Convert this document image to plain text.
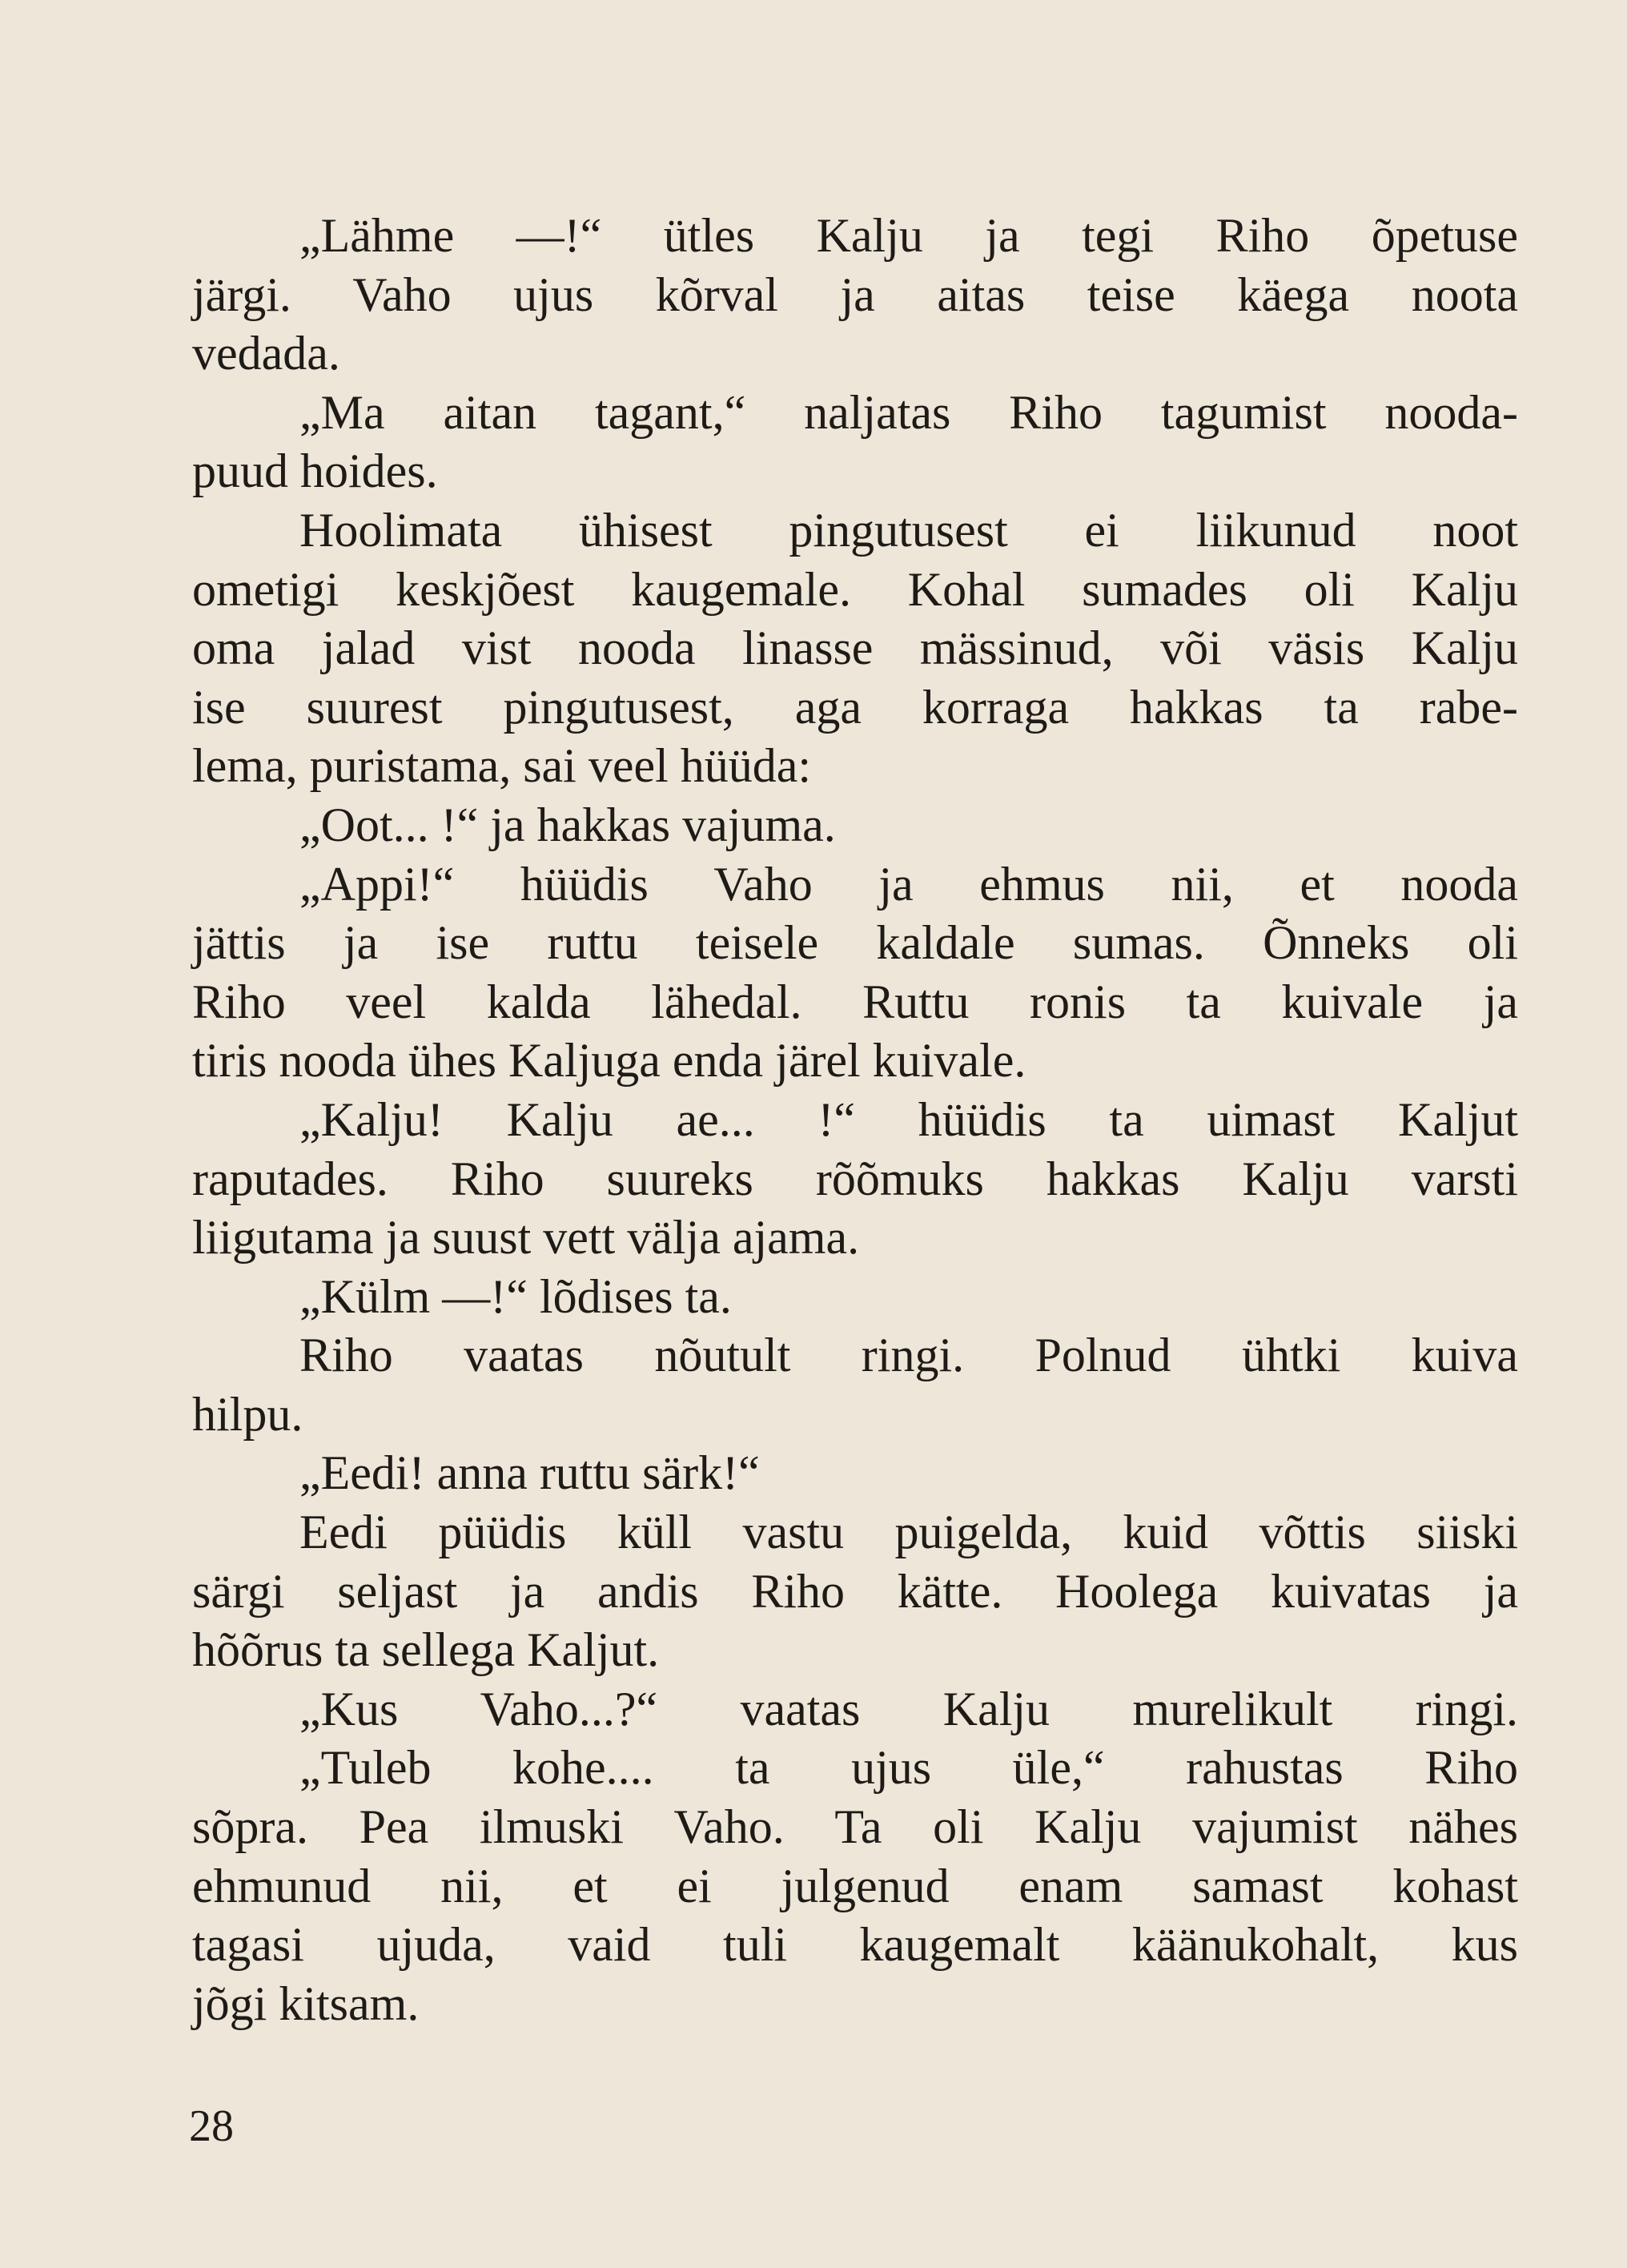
„Lähme —!“ ütles Kalju ja tegi Riho õpetuse
järgi. Vaho ujus kõrval ja aitas teise käega noota
vedada.
„Ma aitan tagant,“ naljatas Riho tagumist nooda-
puud hoides.
Hoolimata ühisest pingutusest ei liikunud noot
ometigi keskjõest kaugemale. Kohal sumades oli Kalju
oma jalad vist nooda linasse mässinud, või väsis Kalju
ise suurest pingutusest, aga korraga hakkas ta rabe-
lema, puristama, sai veel hüüda:
„Oot... !“ ja hakkas vajuma.
„Appi!“ hüüdis Vaho ja ehmus nii, et nooda
jättis ja ise ruttu teisele kaldale sumas. Õnneks oli
Riho veel kalda lähedal. Ruttu ronis ta kuivale ja
tiris nooda ühes Kaljuga enda järel kuivale.
„Kalju! Kalju ae... !“ hüüdis ta uimast Kaljut
raputades. Riho suureks rõõmuks hakkas Kalju varsti
liigutama ja suust vett välja ajama.
„Külm —!“ lõdises ta.
Riho vaatas nõutult ringi. Polnud ühtki kuiva
hilpu.
„Eedi! anna ruttu särk!“
Eedi püüdis küll vastu puigelda, kuid võttis siiski
särgi seljast ja andis Riho kätte. Hoolega kuivatas ja
hõõrus ta sellega Kaljut.
„Kus Vaho...?“ vaatas Kalju murelikult ringi.
„Tuleb kohe.... ta ujus üle,“ rahustas Riho
sõpra. Pea ilmuski Vaho. Ta oli Kalju vajumist nähes
ehmunud nii, et ei julgenud enam samast kohast
tagasi ujuda, vaid tuli kaugemalt käänukohalt, kus
jõgi kitsam.
28
